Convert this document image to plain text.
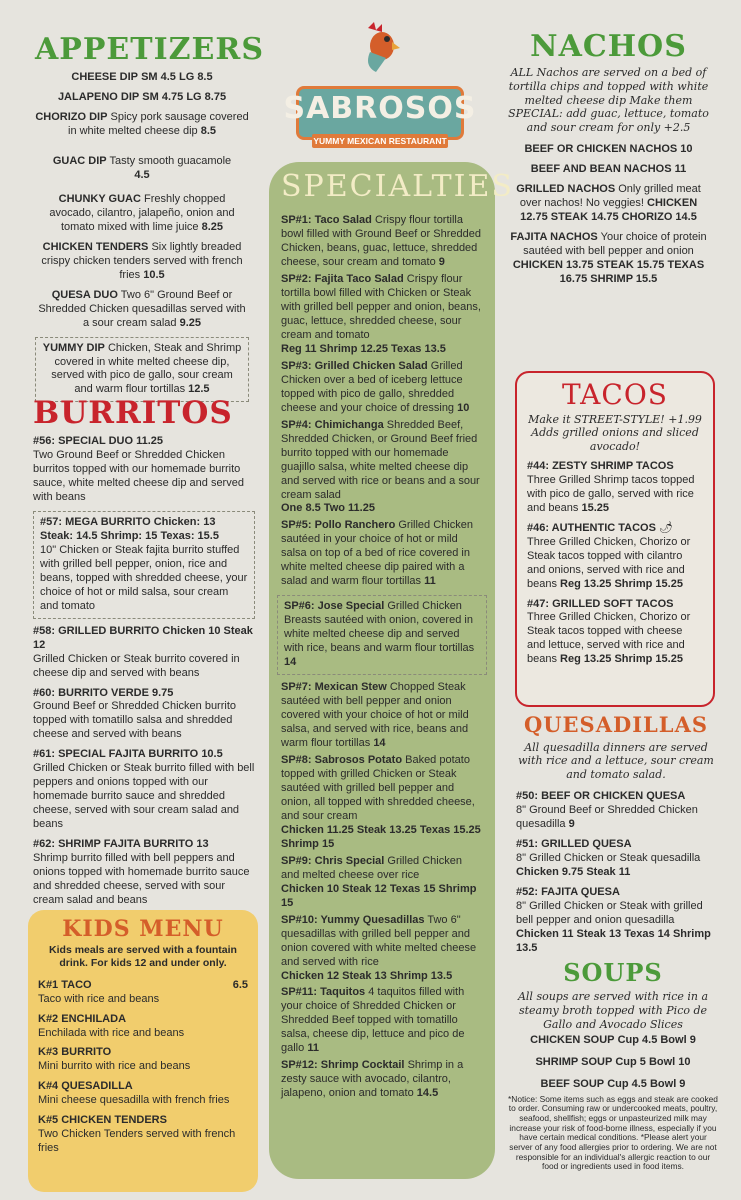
SABROSOS
YUMMY MEXICAN RESTAURANT
APPETIZERS
CHEESE DIP SM 4.5 LG 8.5
JALAPENO DIP SM 4.75 LG 8.75
CHORIZO DIP Spicy pork sausage covered in white melted cheese dip 8.5
GUAC DIP Tasty smooth guacamole
4.5
CHUNKY GUAC Freshly chopped avocado, cilantro, jalapeño, onion and tomato mixed with lime juice 8.25
CHICKEN TENDERS Six lightly breaded crispy chicken tenders served with french fries 10.5
QUESA DUO Two 6" Ground Beef or Shredded Chicken quesadillas served with a sour cream salad 9.25
YUMMY DIP Chicken, Steak and Shrimp covered in white melted cheese dip, served with pico de gallo, sour cream and warm flour tortillas 12.5
BURRITOS
#56: SPECIAL DUO 11.25
Two Ground Beef or Shredded Chicken burritos topped with our homemade burrito sauce, white melted cheese dip and served with beans
#57: MEGA BURRITO Chicken: 13 Steak: 14.5 Shrimp: 15 Texas: 15.5
10" Chicken or Steak fajita burrito stuffed with grilled bell pepper, onion, rice and beans, topped with shredded cheese, your choice of hot or mild salsa, sour cream and tomato
#58: GRILLED BURRITO Chicken 10 Steak 12
Grilled Chicken or Steak burrito covered in cheese dip and served with beans
#60: BURRITO VERDE 9.75
Ground Beef or Shredded Chicken burrito topped with tomatillo salsa and shredded cheese and served with beans
#61: SPECIAL FAJITA BURRITO 10.5
Grilled Chicken or Steak burrito filled with bell peppers and onions topped with our homemade burrito sauce and shredded cheese, served with sour cream salad and beans
#62: SHRIMP FAJITA BURRITO 13
Shrimp burrito filled with bell peppers and onions topped with homemade burrito sauce and shredded cheese, served with sour cream salad and beans
KIDS MENU
Kids meals are served with a fountain drink. For kids 12 and under only.
K#1 TACO	6.5
Taco with rice and beans
K#2 ENCHILADA
Enchilada with rice and beans
K#3 BURRITO
Mini burrito with rice and beans
K#4 QUESADILLA
Mini cheese quesadilla with french fries
K#5 CHICKEN TENDERS
Two Chicken Tenders served with french fries
SPECIALTIES
SP#1: Taco Salad Crispy flour tortilla bowl filled with Ground Beef or Shredded Chicken, beans, guac, lettuce, shredded cheese, sour cream and tomato 9
SP#2: Fajita Taco Salad Crispy flour tortilla bowl filled with Chicken or Steak with grilled bell pepper and onion, beans, guac, lettuce, shredded cheese, sour cream and tomato
Reg 11 Shrimp 12.25 Texas 13.5
SP#3: Grilled Chicken Salad Grilled Chicken over a bed of iceberg lettuce topped with pico de gallo, shredded cheese and your choice of dressing 10
SP#4: Chimichanga Shredded Beef, Shredded Chicken, or Ground Beef fried burrito topped with our homemade guajillo salsa, white melted cheese dip and served with rice or beans and a sour cream salad
One 8.5 Two 11.25
SP#5: Pollo Ranchero Grilled Chicken sautéed in your choice of hot or mild salsa on top of a bed of rice covered in white melted cheese dip paired with a salad and warm flour tortillas 11
SP#6: Jose Special Grilled Chicken Breasts sautéed with onion, covered in white melted cheese dip and served with rice, beans and warm flour tortillas 14
SP#7: Mexican Stew Chopped Steak sautéed with bell pepper and onion covered with your choice of hot or mild salsa, and served with rice, beans and warm flour tortillas 14
SP#8: Sabrosos Potato Baked potato topped with grilled Chicken or Steak sautéed with grilled bell pepper and onion, all topped with shredded cheese, and sour cream
Chicken 11.25 Steak 13.25 Texas 15.25 Shrimp 15
SP#9: Chris Special Grilled Chicken and melted cheese over rice
Chicken 10 Steak 12 Texas 15 Shrimp 15
SP#10: Yummy Quesadillas Two 6" quesadillas with grilled bell pepper and onion covered with white melted cheese and served with rice
Chicken 12 Steak 13 Shrimp 13.5
SP#11: Taquitos 4 taquitos filled with your choice of Shredded Chicken or Shredded Beef topped with tomatillo salsa, cheese dip, lettuce and pico de gallo 11
SP#12: Shrimp Cocktail Shrimp in a zesty sauce with avocado, cilantro, jalapeno, onion and tomato 14.5
NACHOS
ALL Nachos are served on a bed of tortilla chips and topped with white melted cheese dip Make them SPECIAL: add guac, lettuce, tomato and sour cream for only +2.5
BEEF OR CHICKEN NACHOS 10
BEEF AND BEAN NACHOS 11
GRILLED NACHOS Only grilled meat over nachos! No veggies! CHICKEN 12.75 STEAK 14.75 CHORIZO 14.5
FAJITA NACHOS Your choice of protein sautéed with bell pepper and onion CHICKEN 13.75 STEAK 15.75 TEXAS 16.75 SHRIMP 15.5
TACOS
Make it STREET-STYLE! +1.99 Adds grilled onions and sliced avocado!
#44: ZESTY SHRIMP TACOS
Three Grilled Shrimp tacos topped with pico de gallo, served with rice and beans 15.25
#46: AUTHENTIC TACOS 🌶
Three Grilled Chicken, Chorizo or Steak tacos topped with cilantro and onions, served with rice and beans Reg 13.25 Shrimp 15.25
#47: GRILLED SOFT TACOS
Three Grilled Chicken, Chorizo or Steak tacos topped with cheese and lettuce, served with rice and beans Reg 13.25 Shrimp 15.25
QUESADILLAS
All quesadilla dinners are served with rice and a lettuce, sour cream and tomato salad.
#50: BEEF OR CHICKEN QUESA
8" Ground Beef or Shredded Chicken quesadilla 9
#51: GRILLED QUESA
8" Grilled Chicken or Steak quesadilla Chicken 9.75 Steak 11
#52: FAJITA QUESA
8" Grilled Chicken or Steak with grilled bell pepper and onion quesadilla Chicken 11 Steak 13 Texas 14 Shrimp 13.5
SOUPS
All soups are served with rice in a steamy broth topped with Pico de Gallo and Avocado Slices
CHICKEN SOUP Cup 4.5 Bowl 9
SHRIMP SOUP Cup 5 Bowl 10
BEEF SOUP Cup 4.5 Bowl 9
*Notice: Some items such as eggs and steak are cooked to order. Consuming raw or undercooked meats, poultry, seafood, shellfish; eggs or unpasteurized milk may increase your risk of food-borne illness, especially if you have certain medical conditions. *Please alert your server of any food allergies prior to ordering. We are not responsible for an individual's allergic reaction to our food or ingredients used in food items.
